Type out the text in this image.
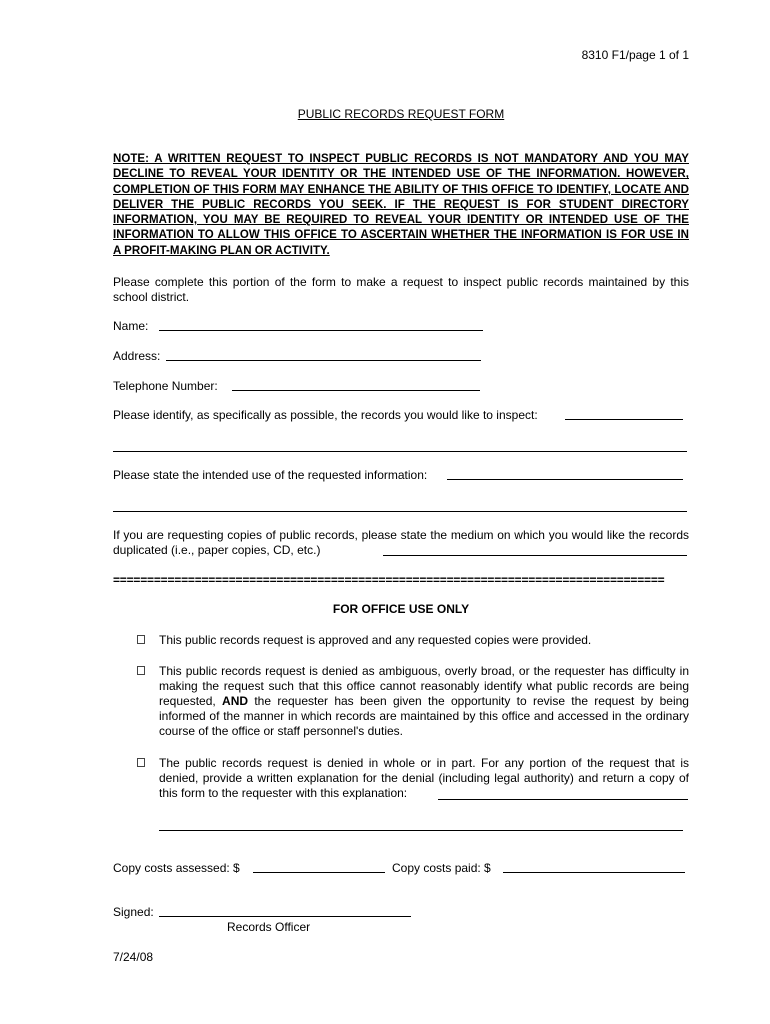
8310 F1/page 1 of 1
PUBLIC RECORDS REQUEST FORM
NOTE: A WRITTEN REQUEST TO INSPECT PUBLIC RECORDS IS NOT MANDATORY AND YOU MAY DECLINE TO REVEAL YOUR IDENTITY OR THE INTENDED USE OF THE INFORMATION. HOWEVER, COMPLETION OF THIS FORM MAY ENHANCE THE ABILITY OF THIS OFFICE TO IDENTIFY, LOCATE AND DELIVER THE PUBLIC RECORDS YOU SEEK. IF THE REQUEST IS FOR STUDENT DIRECTORY INFORMATION, YOU MAY BE REQUIRED TO REVEAL YOUR IDENTITY OR INTENDED USE OF THE INFORMATION TO ALLOW THIS OFFICE TO ASCERTAIN WHETHER THE INFORMATION IS FOR USE IN A PROFIT-MAKING PLAN OR ACTIVITY.
Please complete this portion of the form to make a request to inspect public records maintained by this school district.
Name:
Address:
Telephone Number:
Please identify, as specifically as possible, the records you would like to inspect:
Please state the intended use of the requested information:
If you are requesting copies of public records, please state the medium on which you would like the records duplicated (i.e., paper copies, CD, etc.)
=================================================================================
FOR OFFICE USE ONLY
This public records request is approved and any requested copies were provided.
This public records request is denied as ambiguous, overly broad, or the requester has difficulty in making the request such that this office cannot reasonably identify what public records are being requested, AND the requester has been given the opportunity to revise the request by being informed of the manner in which records are maintained by this office and accessed in the ordinary course of the office or staff personnel's duties.
The public records request is denied in whole or in part. For any portion of the request that is denied, provide a written explanation for the denial (including legal authority) and return a copy of this form to the requester with this explanation:
Copy costs assessed: $	Copy costs paid: $
Signed:
Records Officer
7/24/08
